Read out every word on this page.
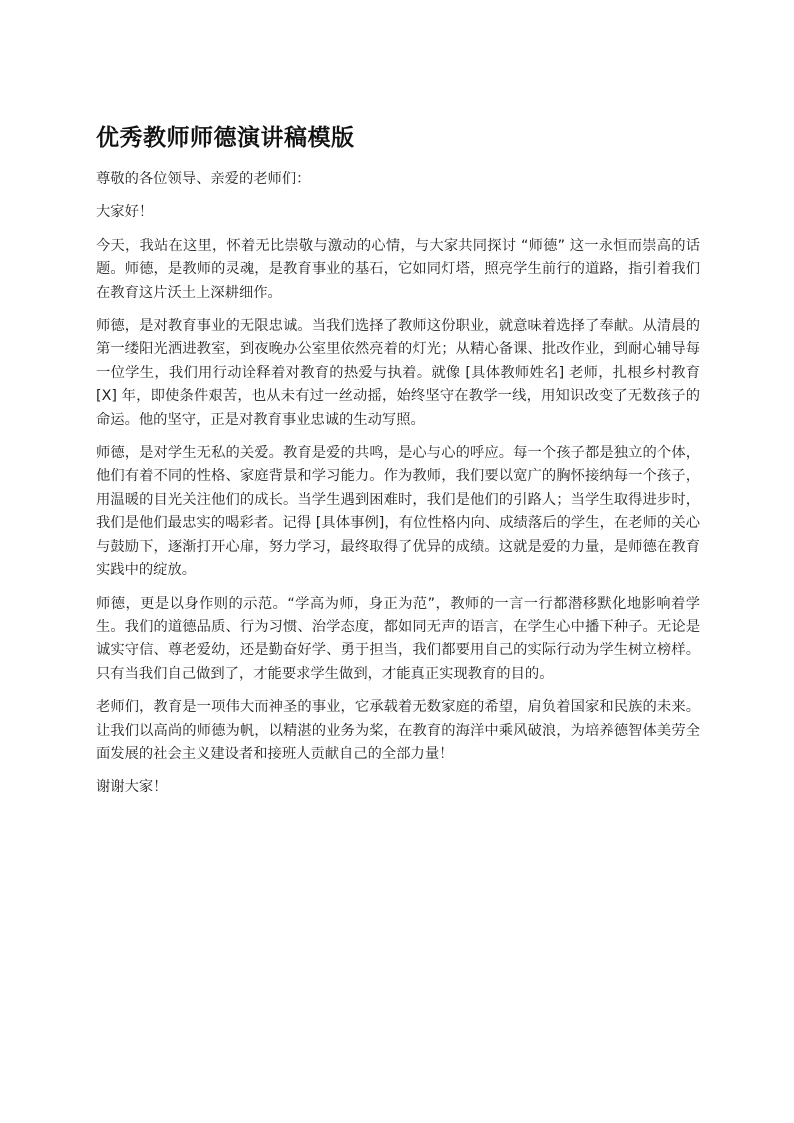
优秀教师师德演讲稿模版

尊敬的各位领导、亲爱的老师们：

大家好！

今天，我站在这里，怀着无比崇敬与激动的心情，与大家共同探讨 “师德” 这一永恒而崇高的话题。师德，是教师的灵魂，是教育事业的基石，它如同灯塔，照亮学生前行的道路，指引着我们在教育这片沃土上深耕细作。

师德，是对教育事业的无限忠诚。当我们选择了教师这份职业，就意味着选择了奉献。从清晨的第一缕阳光洒进教室，到夜晚办公室里依然亮着的灯光；从精心备课、批改作业，到耐心辅导每一位学生，我们用行动诠释着对教育的热爱与执着。就像 [具体教师姓名] 老师，扎根乡村教育 [X] 年，即使条件艰苦，也从未有过一丝动摇，始终坚守在教学一线，用知识改变了无数孩子的命运。他的坚守，正是对教育事业忠诚的生动写照。

师德，是对学生无私的关爱。教育是爱的共鸣，是心与心的呼应。每一个孩子都是独立的个体，他们有着不同的性格、家庭背景和学习能力。作为教师，我们要以宽广的胸怀接纳每一个孩子，用温暖的目光关注他们的成长。当学生遇到困难时，我们是他们的引路人；当学生取得进步时，我们是他们最忠实的喝彩者。记得 [具体事例]，有位性格内向、成绩落后的学生，在老师的关心与鼓励下，逐渐打开心扉，努力学习，最终取得了优异的成绩。这就是爱的力量，是师德在教育实践中的绽放。

师德，更是以身作则的示范。“学高为师，身正为范”，教师的一言一行都潜移默化地影响着学生。我们的道德品质、行为习惯、治学态度，都如同无声的语言，在学生心中播下种子。无论是诚实守信、尊老爱幼，还是勤奋好学、勇于担当，我们都要用自己的实际行动为学生树立榜样。只有当我们自己做到了，才能要求学生做到，才能真正实现教育的目的。

老师们，教育是一项伟大而神圣的事业，它承载着无数家庭的希望，肩负着国家和民族的未来。让我们以高尚的师德为帆，以精湛的业务为桨，在教育的海洋中乘风破浪，为培养德智体美劳全面发展的社会主义建设者和接班人贡献自己的全部力量！

谢谢大家！
